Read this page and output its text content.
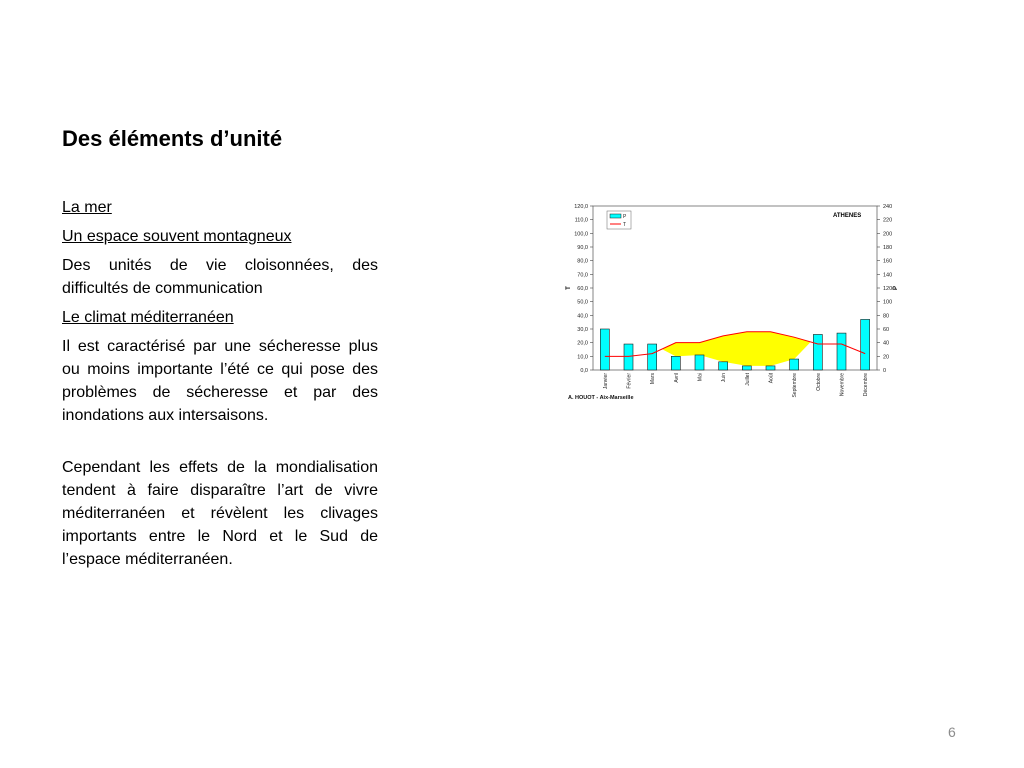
Des éléments d’unité

La mer

Un espace souvent montagneux

Des unités de vie cloisonnées, des difficultés de communication

Le climat méditerranéen

Il est caractérisé par une sécheresse plus ou moins importante l’été ce qui pose des problèmes de sécheresse et par des inondations aux intersaisons.

Cependant les effets de la mondialisation tendent à faire disparaître l’art de vivre méditerranéen et révèlent les clivages importants entre le Nord et le Sud de l’espace méditerranéen.

0,0
10,0
20,0
30,0
40,0
50,0
60,0
70,0
80,0
90,0
100,0
110,0
120,0
0
20
40
60
80
100
120
140
160
180
200
220
240
T	P
Janvier	Février	Mars	Avril	Mai	Juin	Juillet	Août	Septembre	Octobre	Novembre	Décembre
ATHENES
P
T
A. HOUOT - Aix-Marseille
6
